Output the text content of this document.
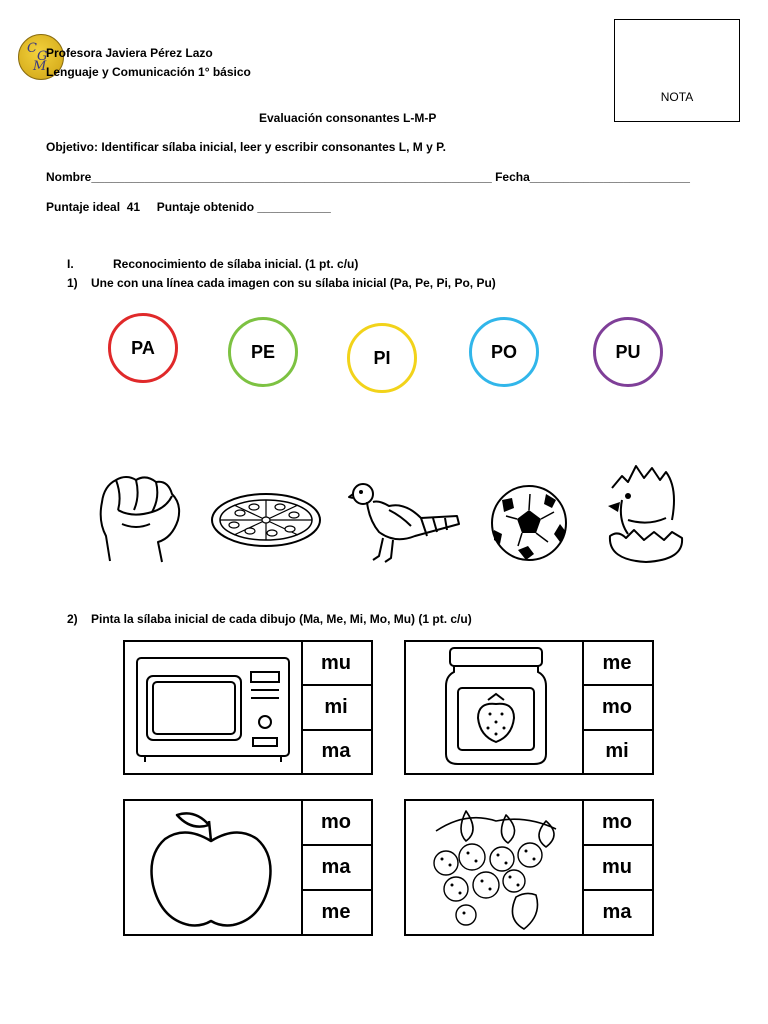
C
G
M
Profesora Javiera Pérez Lazo
Lenguaje y Comunicación 1° básico
NOTA
Evaluación consonantes L-M-P
Objetivo: Identificar sílaba inicial, leer y escribir consonantes L, M y P.
Nombre____________________________________________________________ Fecha________________________
Puntaje ideal  41     Puntaje obtenido ___________
I.	Reconocimiento de sílaba inicial. (1 pt. c/u)
1)    Une con una línea cada imagen con su sílaba inicial (Pa, Pe, Pi, Po, Pu)
PA	PE	PI	PO	PU
2)    Pinta la sílaba inicial de cada dibujo (Ma, Me, Mi, Mo, Mu) (1 pt. c/u)
mu
mi
ma
me
mo
mi
mo
ma
me
mo
mu
ma
